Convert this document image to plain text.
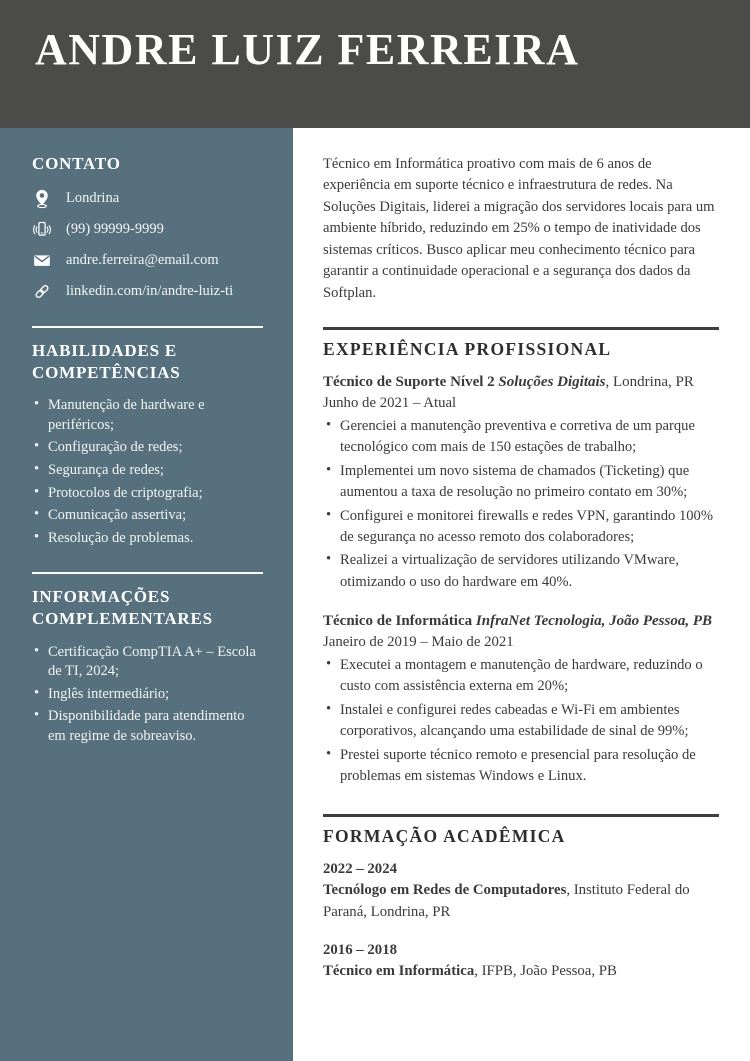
ANDRE LUIZ FERREIRA
CONTATO
Londrina
(99) 99999-9999
andre.ferreira@email.com
linkedin.com/in/andre-luiz-ti
HABILIDADES E COMPETÊNCIAS
• Manutenção de hardware e periféricos;
• Configuração de redes;
• Segurança de redes;
• Protocolos de criptografia;
• Comunicação assertiva;
• Resolução de problemas.
INFORMAÇÕES COMPLEMENTARES
• Certificação CompTIA A+ – Escola de TI, 2024;
• Inglês intermediário;
• Disponibilidade para atendimento em regime de sobreaviso.

Técnico em Informática proativo com mais de 6 anos de experiência em suporte técnico e infraestrutura de redes. Na Soluções Digitais, liderei a migração dos servidores locais para um ambiente híbrido, reduzindo em 25% o tempo de inatividade dos sistemas críticos. Busco aplicar meu conhecimento técnico para garantir a continuidade operacional e a segurança dos dados da Softplan.

EXPERIÊNCIA PROFISSIONAL

Técnico de Suporte Nível 2 Soluções Digitais, Londrina, PR

Junho de 2021 – Atual

• Gerenciei a manutenção preventiva e corretiva de um parque tecnológico com mais de 150 estações de trabalho;
• Implementei um novo sistema de chamados (Ticketing) que aumentou a taxa de resolução no primeiro contato em 30%;
• Configurei e monitorei firewalls e redes VPN, garantindo 100% de segurança no acesso remoto dos colaboradores;
• Realizei a virtualização de servidores utilizando VMware, otimizando o uso do hardware em 40%.

Técnico de Informática InfraNet Tecnologia, João Pessoa, PB

Janeiro de 2019 – Maio de 2021

• Executei a montagem e manutenção de hardware, reduzindo o custo com assistência externa em 20%;
• Instalei e configurei redes cabeadas e Wi-Fi em ambientes corporativos, alcançando uma estabilidade de sinal de 99%;
• Prestei suporte técnico remoto e presencial para resolução de problemas em sistemas Windows e Linux.
FORMAÇÃO ACADÊMICA

2022 – 2024

Tecnólogo em Redes de Computadores, Instituto Federal do Paraná, Londrina, PR

2016 – 2018

Técnico em Informática, IFPB, João Pessoa, PB
